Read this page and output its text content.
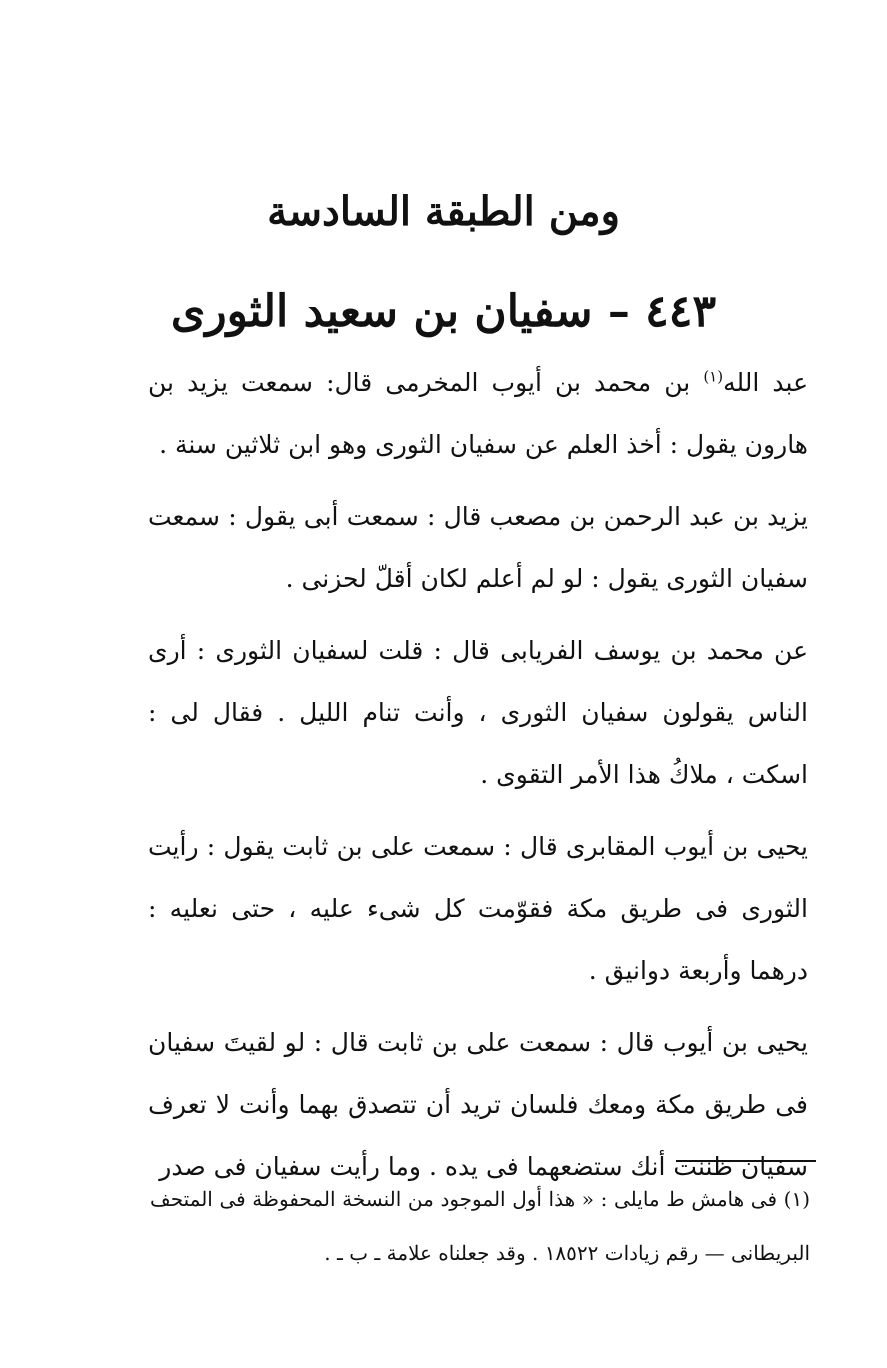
ومن الطبقة السادسة
٤٤٣ – سفيان بن سعيد الثورى

عبد الله$^{(١)}$ بن محمد بن أيوب المخرمى قال: سمعت يزيد بن هارون يقول : أخذ العلم عن سفيان الثورى وهو ابن ثلاثين سنة .

يزيد بن عبد الرحمن بن مصعب قال : سمعت أبى يقول : سمعت سفيان الثورى يقول : لو لم أعلم لكان أقلّ لحزنى .

عن محمد بن يوسف الفريابى قال : قلت لسفيان الثورى : أرى الناس يقولون سفيان الثورى ، وأنت تنام الليل . فقال لى : اسكت ، ملاكُ هذا الأمر التقوى .

يحيى بن أيوب المقابرى قال : سمعت على بن ثابت يقول : رأيت الثورى فى طريق مكة فقوّمت كل شىء عليه ، حتى نعليه : درهما وأربعة دوانيق .

يحيى بن أيوب قال : سمعت على بن ثابت قال : لو لقيتَ سفيان فى طريق مكة ومعك فلسان تريد أن تتصدق بهما وأنت لا تعرف سفيان ظننت أنك ستضعهما فى يده . وما رأيت سفيان فى صدر

(١) فى هامش ط مايلى : « هذا أول الموجود من النسخة المحفوظة فى المتحف البريطانى — رقم زيادات ١٨٥٢٢ . وقد جعلناه علامة ـ ب ـ .
